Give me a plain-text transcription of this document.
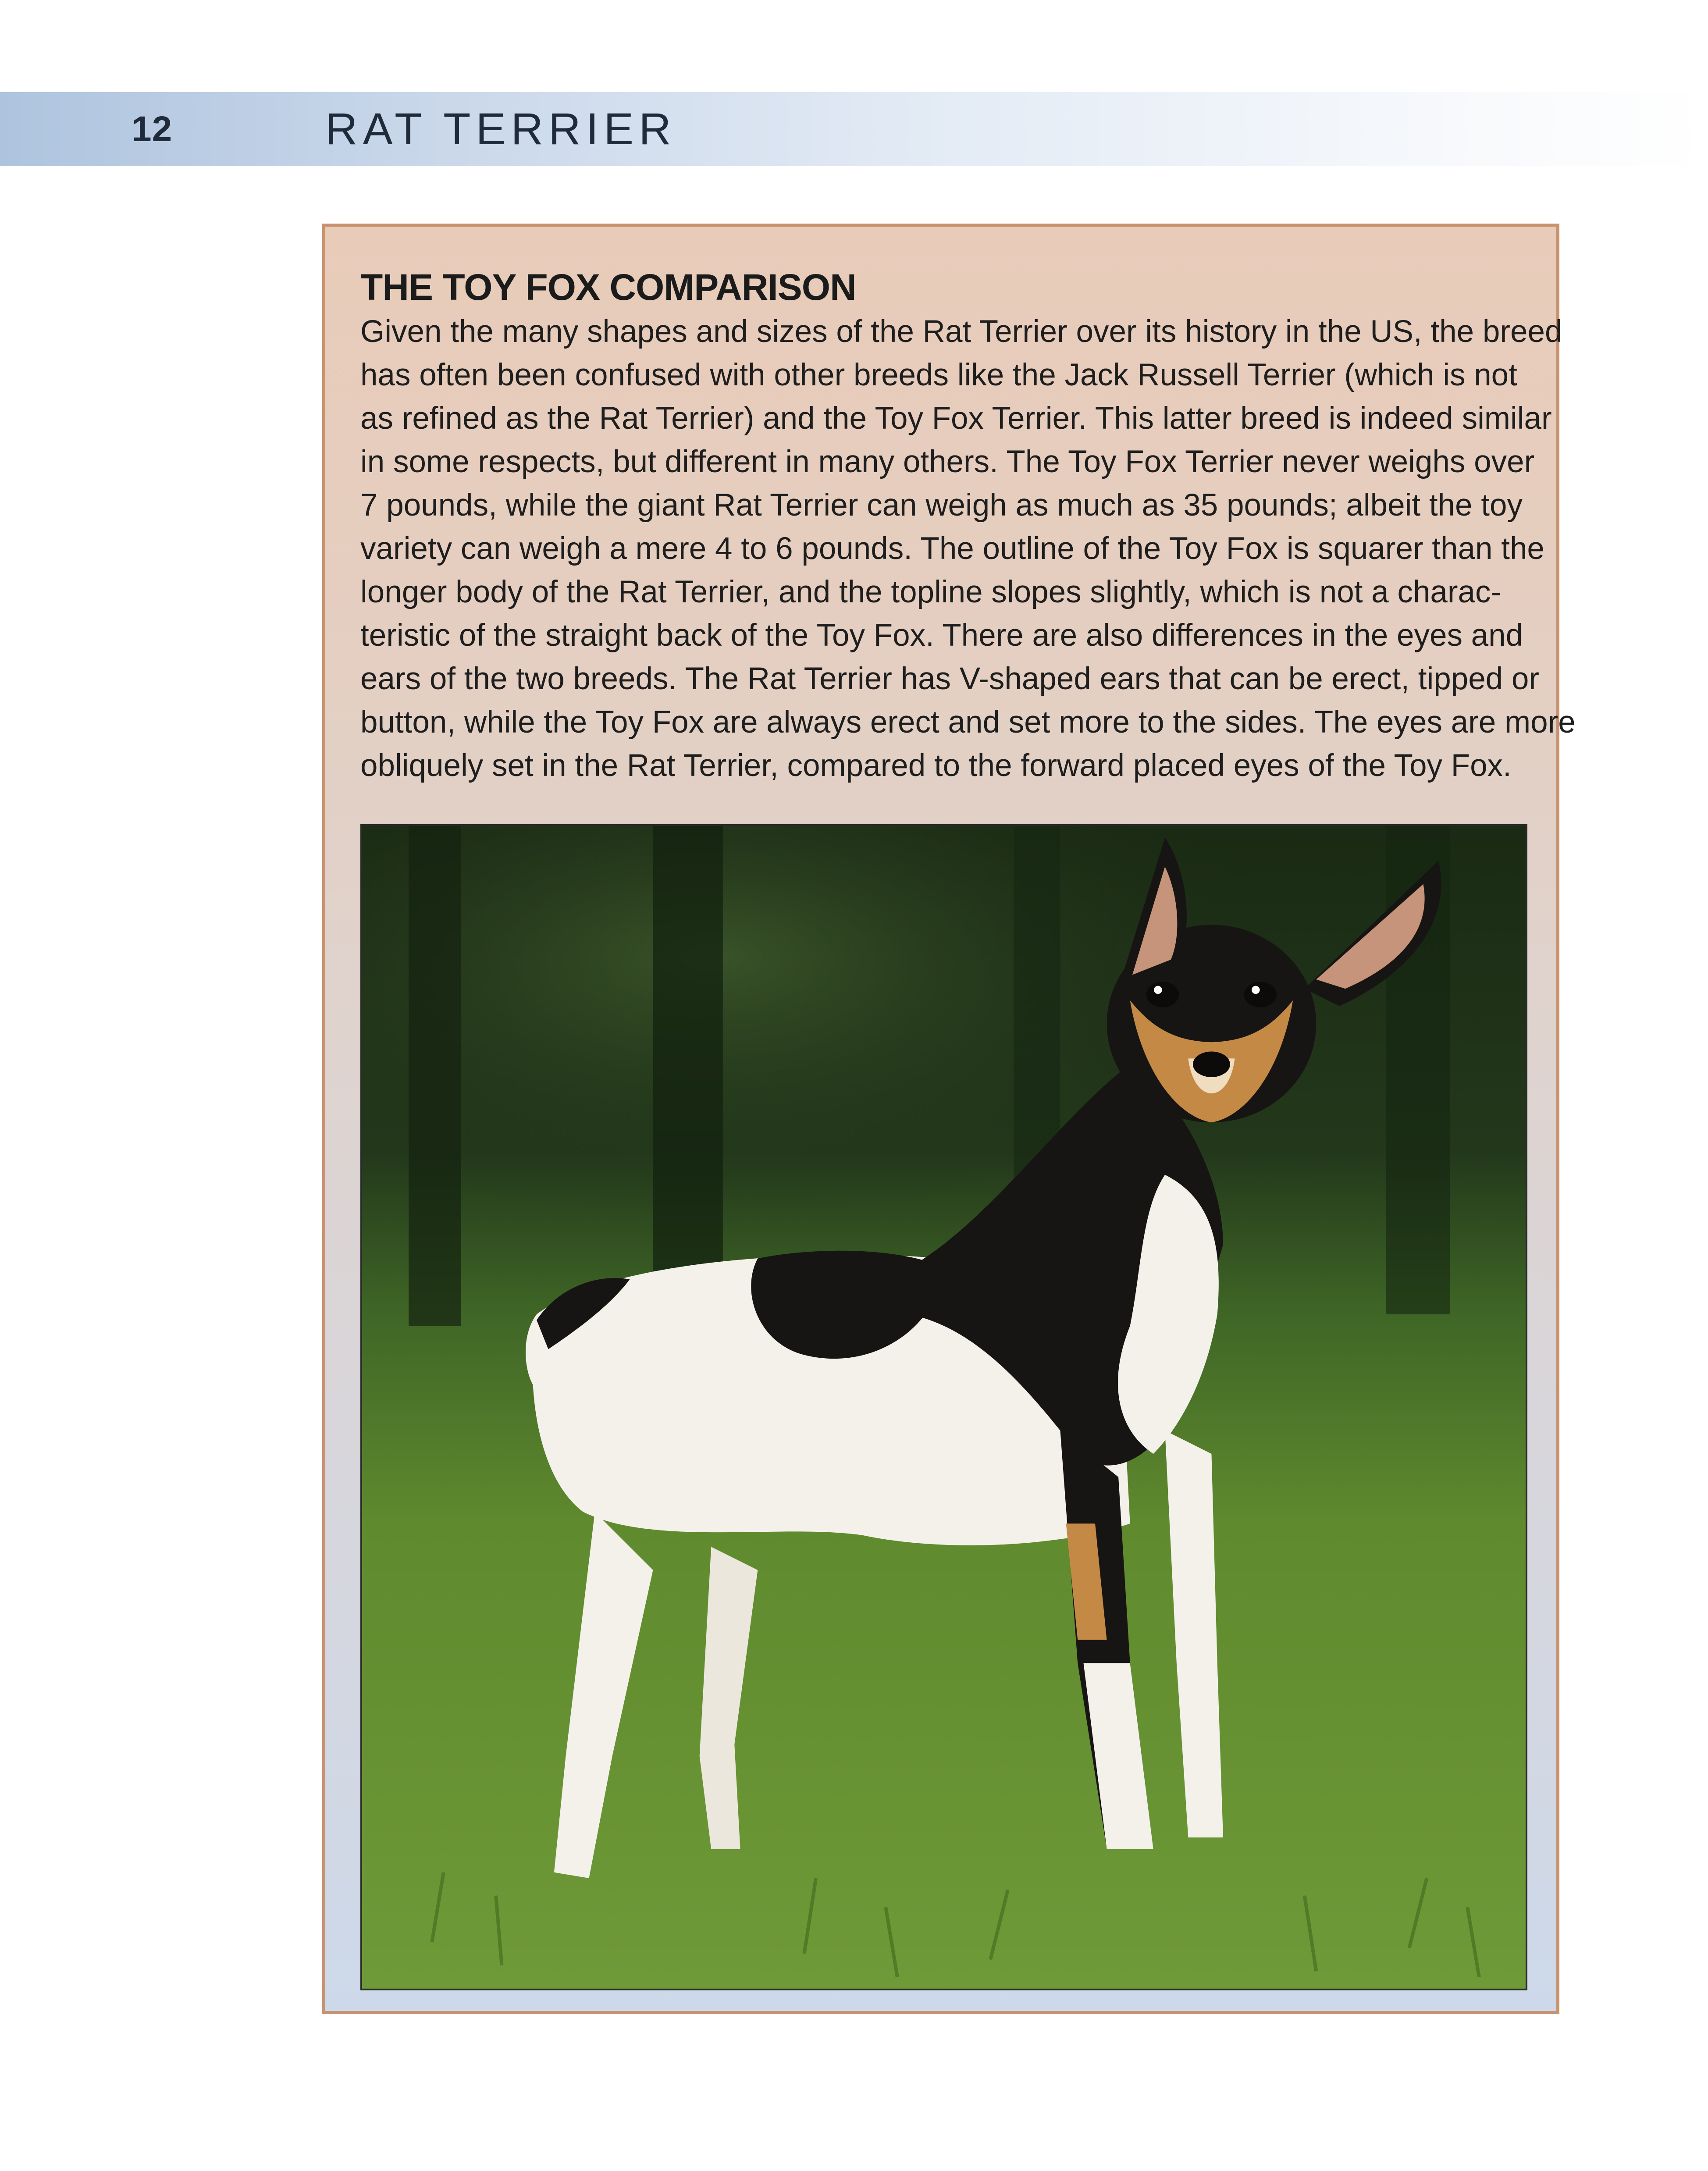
12	RAT TERRIER
THE TOY FOX COMPARISON
Given the many shapes and sizes of the Rat Terrier over its history in the US, the breed
has often been confused with other breeds like the Jack Russell Terrier (which is not
as refined as the Rat Terrier) and the Toy Fox Terrier. This latter breed is indeed similar
in some respects, but different in many others. The Toy Fox Terrier never weighs over
7 pounds, while the giant Rat Terrier can weigh as much as 35 pounds; albeit the toy
variety can weigh a mere 4 to 6 pounds. The outline of the Toy Fox is squarer than the
longer body of the Rat Terrier, and the topline slopes slightly, which is not a charac-
teristic of the straight back of the Toy Fox. There are also differences in the eyes and
ears of the two breeds. The Rat Terrier has V-shaped ears that can be erect, tipped or
button, while the Toy Fox are always erect and set more to the sides. The eyes are more
obliquely set in the Rat Terrier, compared to the forward placed eyes of the Toy Fox.
